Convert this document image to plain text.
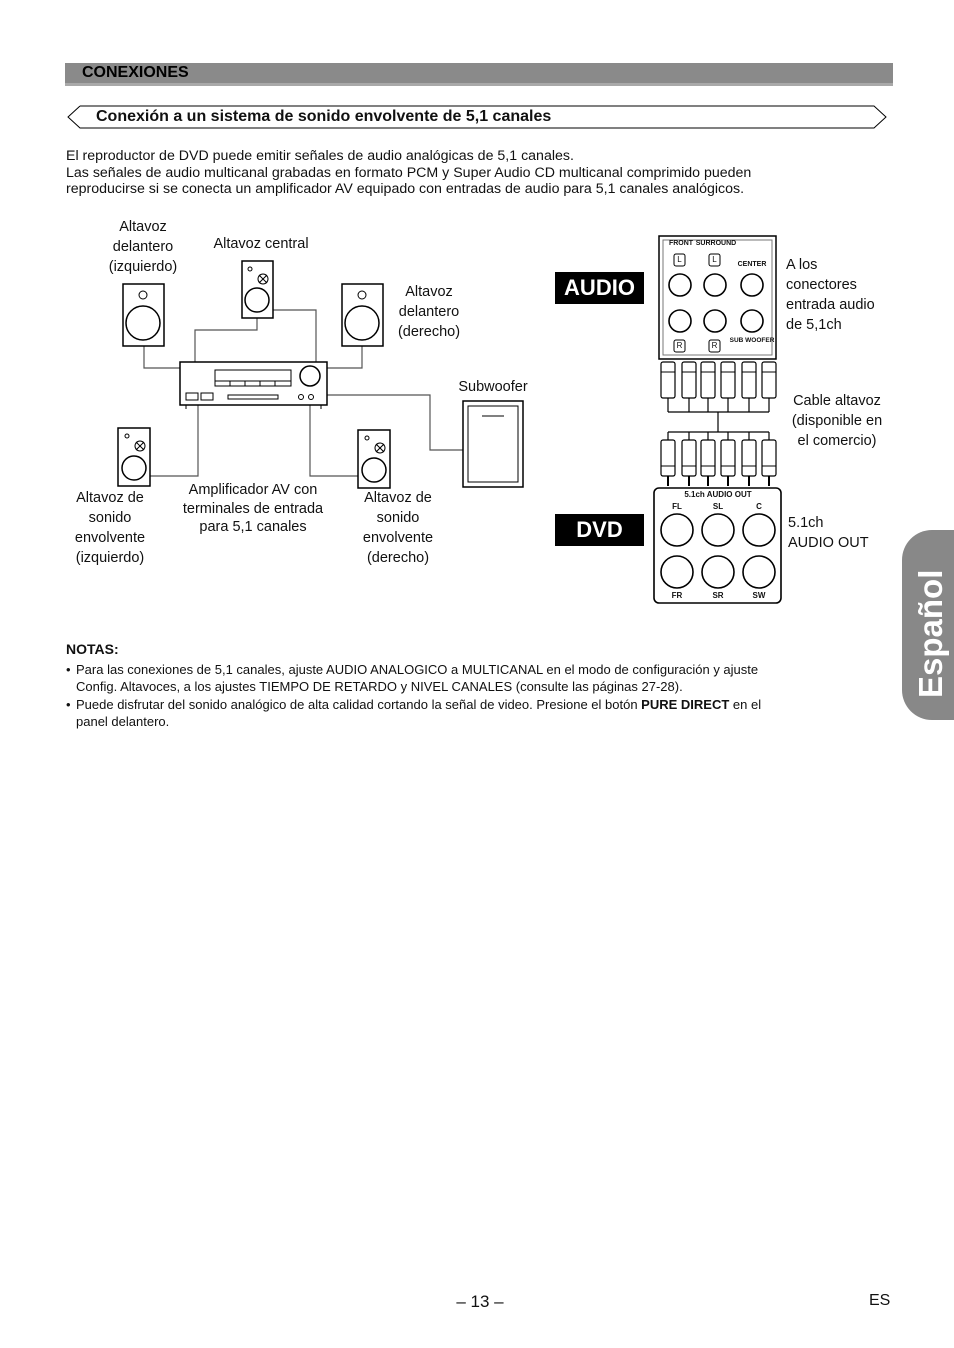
CONEXIONES
Conexión a un sistema de sonido envolvente de 5,1 canales
El reproductor de DVD puede emitir señales de audio analógicas de 5,1 canales.
Las señales de audio multicanal grabadas en formato PCM y Super Audio CD multicanal comprimido pueden
reproducirse si se conecta un amplificador AV equipado con entradas de audio para 5,1 canales analógicos.
FRONT SURROUND
CENTER
SUB WOOFER
L	L
R	R
5.1ch AUDIO OUT
FL	SL	C
FR	SR	SW
AUDIO
DVD
Altavoz
delantero
(izquierdo)
Altavoz central
Altavoz
delantero
(derecho)
Subwoofer
Altavoz de
sonido
envolvente
(izquierdo)
Amplificador AV con
terminales de entrada
para 5,1 canales
Altavoz de
sonido
envolvente
(derecho)
A los
conectores
entrada audio
de 5,1ch
Cable altavoz
(disponible en
el comercio)
5.1ch
AUDIO OUT
NOTAS:
• Para las conexiones de 5,1 canales, ajuste AUDIO ANALOGICO a MULTICANAL en el modo de configuración y ajuste
Config. Altavoces, a los ajustes TIEMPO DE RETARDO y NIVEL CANALES (consulte las páginas 27-28).
• Puede disfrutar del sonido analógico de alta calidad cortando la señal de video. Presione el botón PURE DIRECT en el
panel delantero.
Español
– 13 –	ES
